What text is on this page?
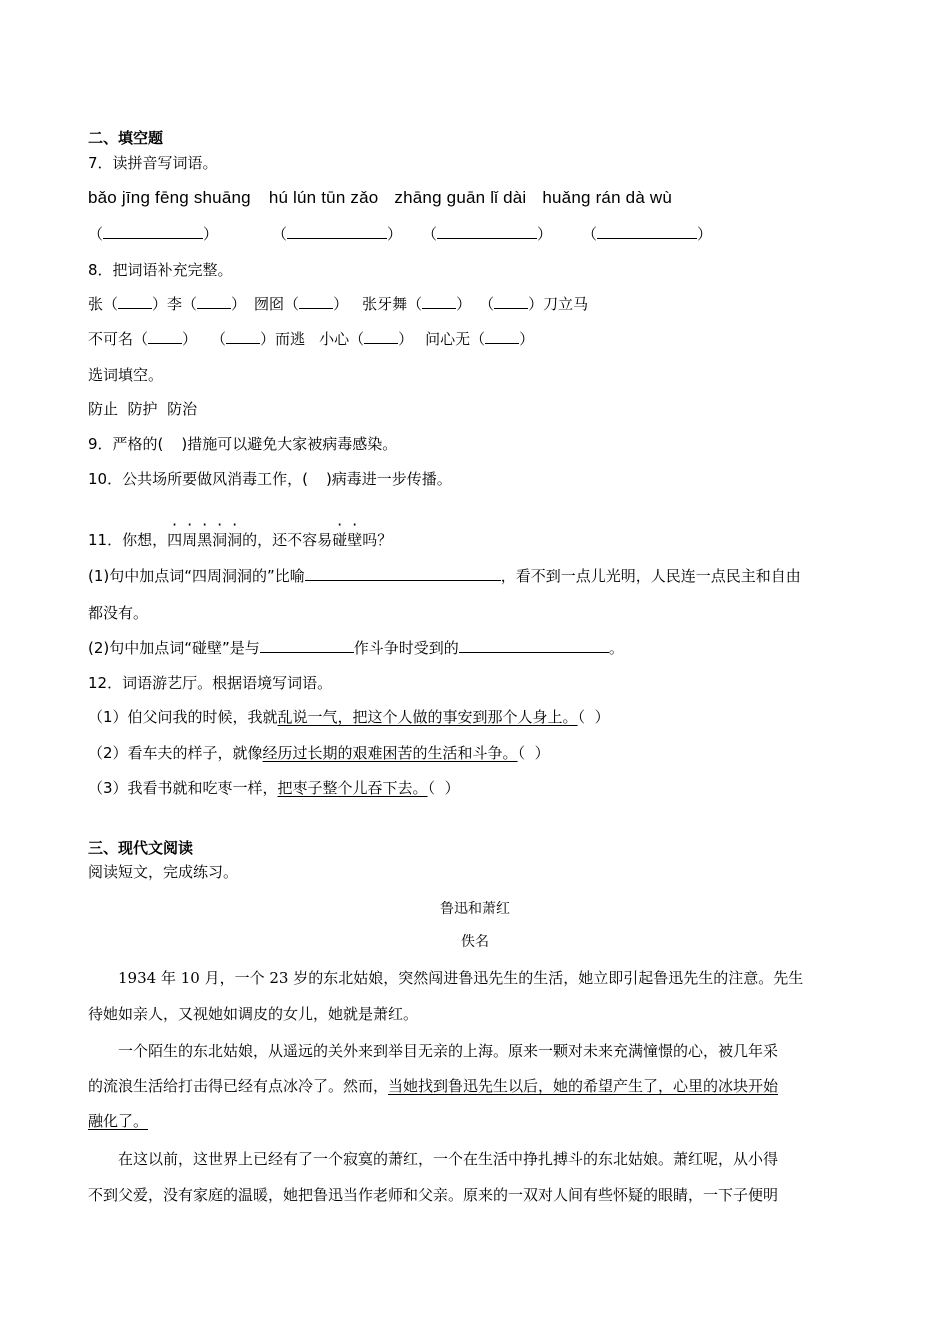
二、填空题
7．读拼音写词语。
bǎo jīng fēng shuāng hú lún tūn zǎo zhāng guān lǐ dài huǎng rán dà wù
（	）	（	） （	） （	）
8．把词语补充完整。
张（ ）李（ ） 囫囵（ ） 张牙舞（ ） （ ）刀立马
不可名（ ） （ ）而逃 小心（ ） 问心无（ ）
选词填空。
防止  防护  防治
9．严格的( )措施可以避免大家被病毒感染。
10．公共场所要做风消毒工作，( )病毒进一步传播。
11．你想，四周黑洞洞的，还不容易碰壁吗？
(1)句中加点词“四周洞洞的”比喻	，看不到一点儿光明，人民连一点民主和自由
都没有。
(2)句中加点词“碰壁”是与	作斗争时受到的	。
12．词语游艺厅。根据语境写词语。
（1）伯父问我的时候，我就乱说一气，把这个人做的事安到那个人身上。（  ）
（2）看车夫的样子，就像经历过长期的艰难困苦的生活和斗争。（  ）
（3）我看书就和吃枣一样，把枣子整个儿吞下去。（  ）
三、现代文阅读
阅读短文，完成练习。
鲁迅和萧红
佚名
1934 年 10 月，一个 23 岁的东北姑娘，突然闯进鲁迅先生的生活，她立即引起鲁迅先生的注意。先生
待她如亲人，又视她如调皮的女儿，她就是萧红。
一个陌生的东北姑娘，从遥远的关外来到举目无亲的上海。原来一颗对未来充满憧憬的心，被几年采
的流浪生活给打击得已经有点冰冷了。然而，当她找到鲁迅先生以后，她的希望产生了，心里的冰块开始
融化了。
在这以前，这世界上已经有了一个寂寞的萧红，一个在生活中挣扎搏斗的东北姑娘。萧红呢，从小得
不到父爱，没有家庭的温暖，她把鲁迅当作老师和父亲。原来的一双对人间有些怀疑的眼睛，一下子便明
